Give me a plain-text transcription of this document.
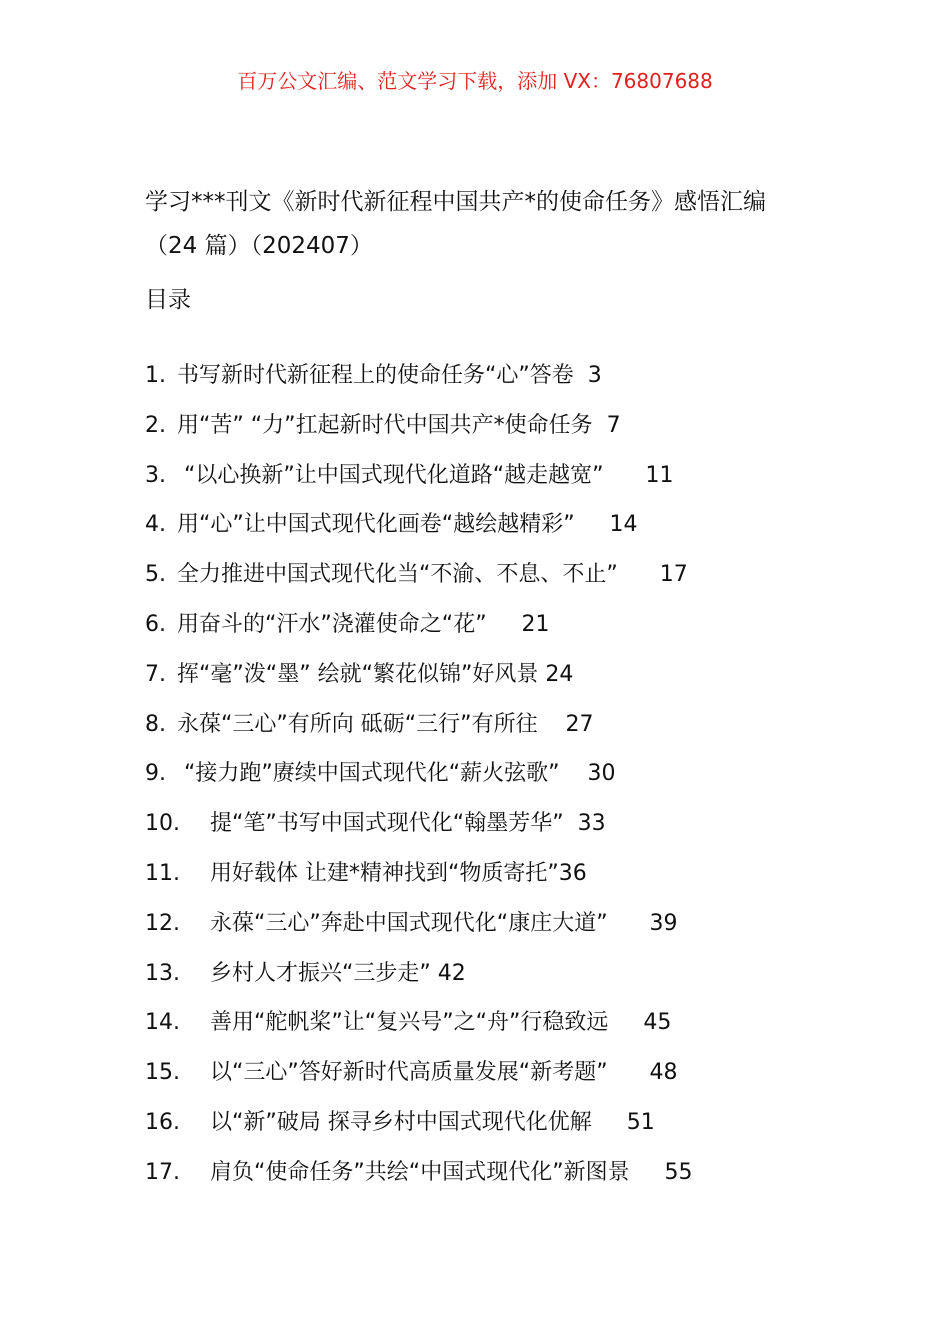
百万公文汇编、范文学习下载，添加 VX：76807688
学习***刊文《新时代新征程中国共产*的使命任务》感悟汇编
（24 篇）（202407）
目录
1. 书写新时代新征程上的使命任务“心”答卷  3
2. 用“苦” “力”扛起新时代中国共产*使命任务  7
3. “以心换新”让中国式现代化道路“越走越宽”      11
4. 用“心”让中国式现代化画卷“越绘越精彩”     14
5. 全力推进中国式现代化当“不渝、不息、不止”      17
6. 用奋斗的“汗水”浇灌使命之“花”     21
7. 挥“毫”泼“墨” 绘就“繁花似锦”好风景 24
8. 永葆“三心”有所向 砥砺“三行”有所往    27
9. “接力跑”赓续中国式现代化“薪火弦歌”    30
10. 提“笔”书写中国式现代化“翰墨芳华”  33
11. 用好载体 让建*精神找到“物质寄托”36
12. 永葆“三心”奔赴中国式现代化“康庄大道”      39
13. 乡村人才振兴“三步走” 42
14. 善用“舵帆桨”让“复兴号”之“舟”行稳致远     45
15. 以“三心”答好新时代高质量发展“新考题”      48
16. 以“新”破局 探寻乡村中国式现代化优解     51
17. 肩负“使命任务”共绘“中国式现代化”新图景     55
